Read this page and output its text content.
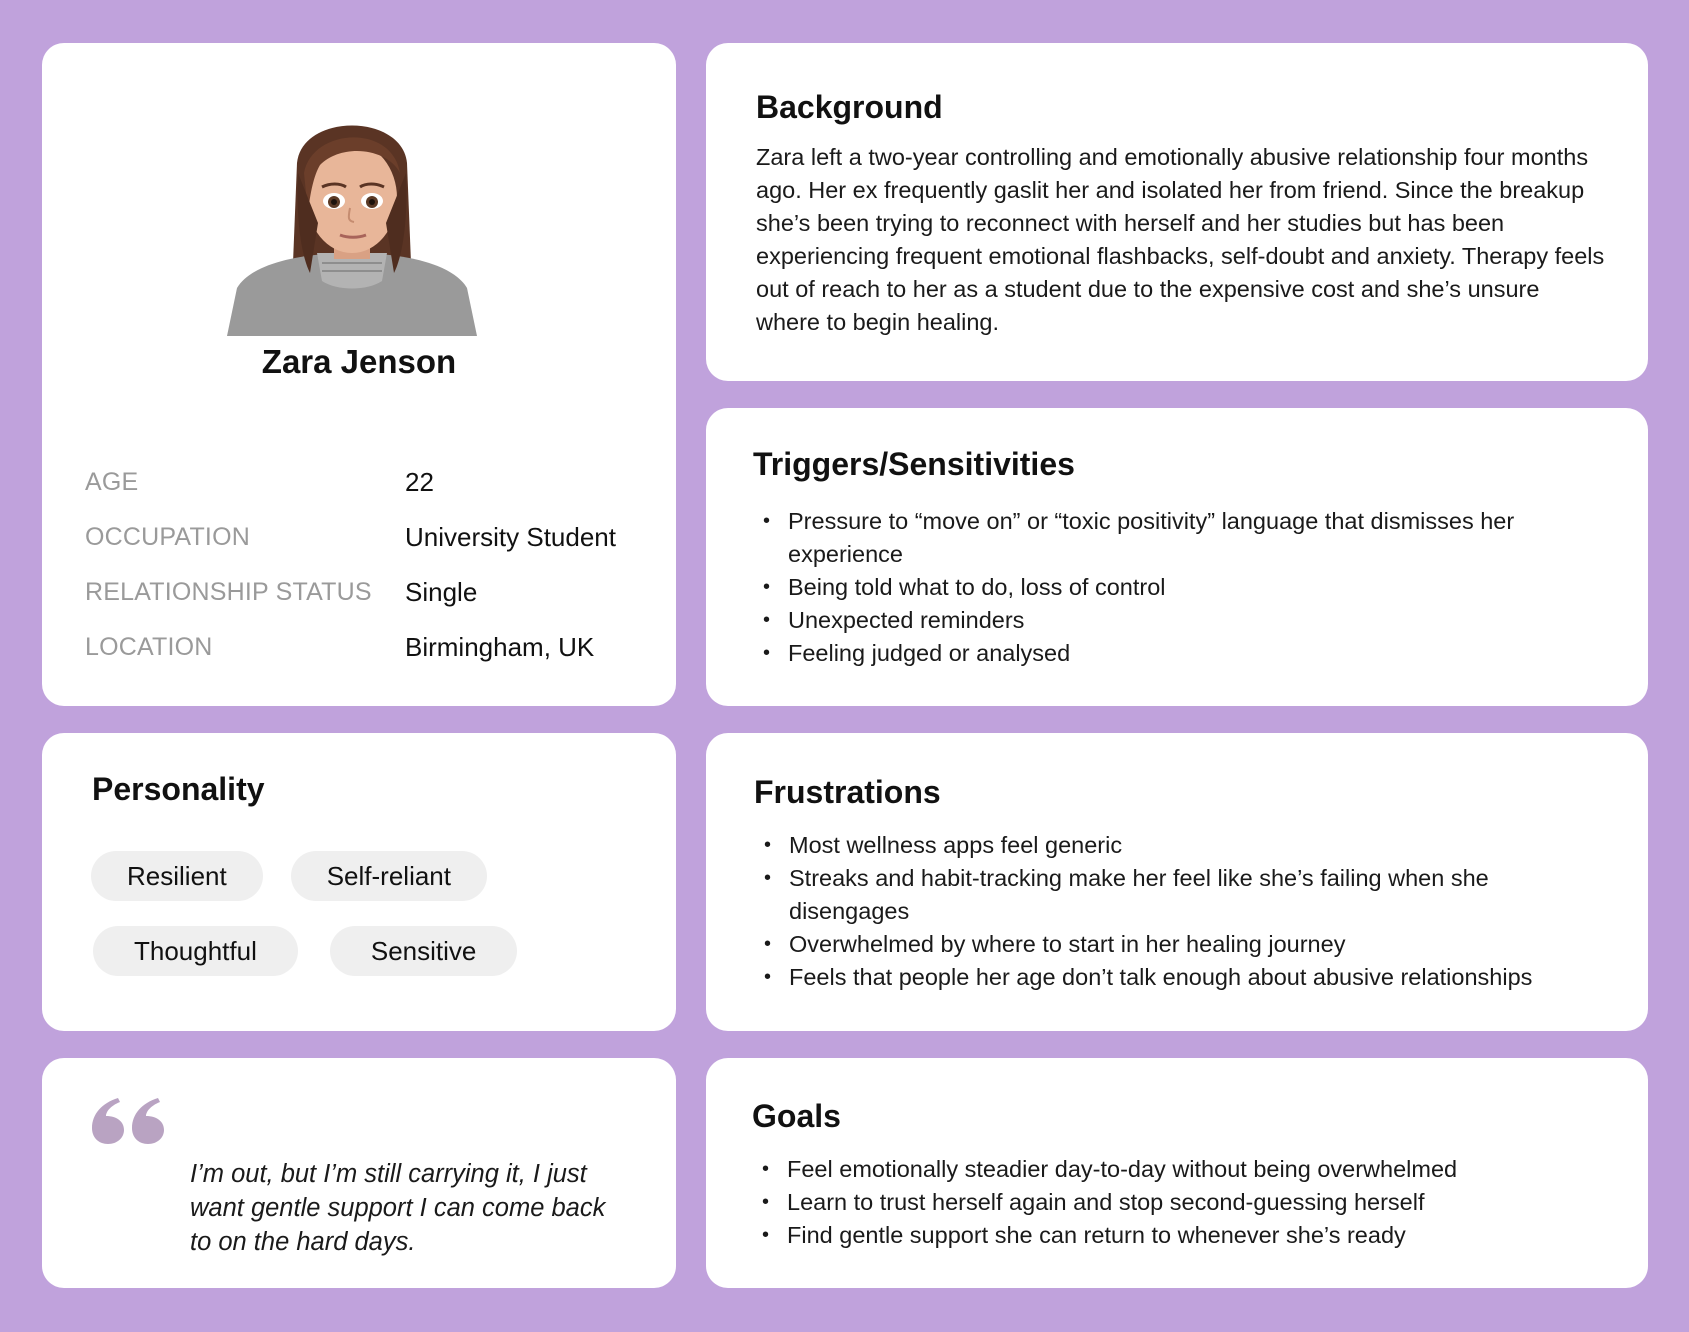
Zara Jenson
AGE	22
OCCUPATION	University Student
RELATIONSHIP STATUS	Single
LOCATION	Birmingham, UK
Personality
Resilient	Self-reliant
Thoughtful	Sensitive

I’m out, but I’m still carrying it, I just want gentle support I can come back to on the hard days.

Background

Zara left a two-year controlling and emotionally abusive relationship four months ago. Her ex frequently gaslit her and isolated her from friend. Since the breakup she’s been trying to reconnect with herself and her studies but has been experiencing frequent emotional flashbacks, self-doubt and anxiety. Therapy feels out of reach to her as a student due to the expensive cost and she’s unsure where to begin healing.

Triggers/Sensitivities
• Pressure to “move on” or “toxic positivity” language that dismisses her experience
• Being told what to do, loss of control
• Unexpected reminders
• Feeling judged or analysed
Frustrations
• Most wellness apps feel generic
• Streaks and habit-tracking make her feel like she’s failing when she disengages
• Overwhelmed by where to start in her healing journey
• Feels that people her age don’t talk enough about abusive relationships
Goals
• Feel emotionally steadier day-to-day without being overwhelmed
• Learn to trust herself again and stop second-guessing herself
• Find gentle support she can return to whenever she’s ready
